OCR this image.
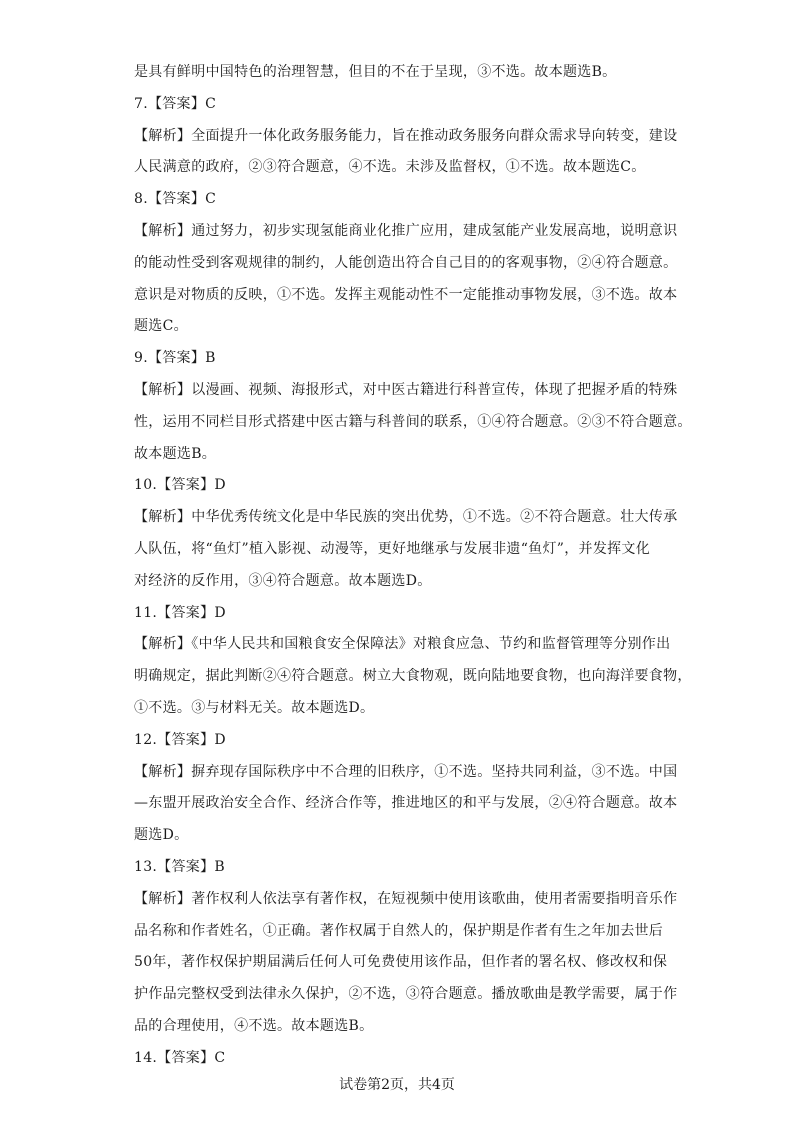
是具有鲜明中国特色的治理智慧，但目的不在于呈现，③不选。故本题选B。
7.【答案】C
【解析】全面提升一体化政务服务能力，旨在推动政务服务向群众需求导向转变，建设
人民满意的政府，②③符合题意，④不选。未涉及监督权，①不选。故本题选C。
8.【答案】C
【解析】通过努力，初步实现氢能商业化推广应用，建成氢能产业发展高地，说明意识
的能动性受到客观规律的制约，人能创造出符合自己目的的客观事物，②④符合题意。
意识是对物质的反映，①不选。发挥主观能动性不一定能推动事物发展，③不选。故本
题选C。
9.【答案】B
【解析】以漫画、视频、海报形式，对中医古籍进行科普宣传，体现了把握矛盾的特殊
性，运用不同栏目形式搭建中医古籍与科普间的联系，①④符合题意。②③不符合题意。
故本题选B。
10.【答案】D
【解析】中华优秀传统文化是中华民族的突出优势，①不选。②不符合题意。壮大传承
人队伍，将“鱼灯”植入影视、动漫等，更好地继承与发展非遗“鱼灯”，并发挥文化
对经济的反作用，③④符合题意。故本题选D。
11.【答案】D
【解析】《中华人民共和国粮食安全保障法》对粮食应急、节约和监督管理等分别作出
明确规定，据此判断②④符合题意。树立大食物观，既向陆地要食物，也向海洋要食物，
①不选。③与材料无关。故本题选D。
12.【答案】D
【解析】摒弃现存国际秩序中不合理的旧秩序，①不选。坚持共同利益，③不选。中国
—东盟开展政治安全合作、经济合作等，推进地区的和平与发展，②④符合题意。故本
题选D。
13.【答案】B
【解析】著作权利人依法享有著作权，在短视频中使用该歌曲，使用者需要指明音乐作
品名称和作者姓名，①正确。著作权属于自然人的，保护期是作者有生之年加去世后
50年，著作权保护期届满后任何人可免费使用该作品，但作者的署名权、修改权和保
护作品完整权受到法律永久保护，②不选，③符合题意。播放歌曲是教学需要，属于作
品的合理使用，④不选。故本题选B。
14.【答案】C
试卷第2页，共4页
